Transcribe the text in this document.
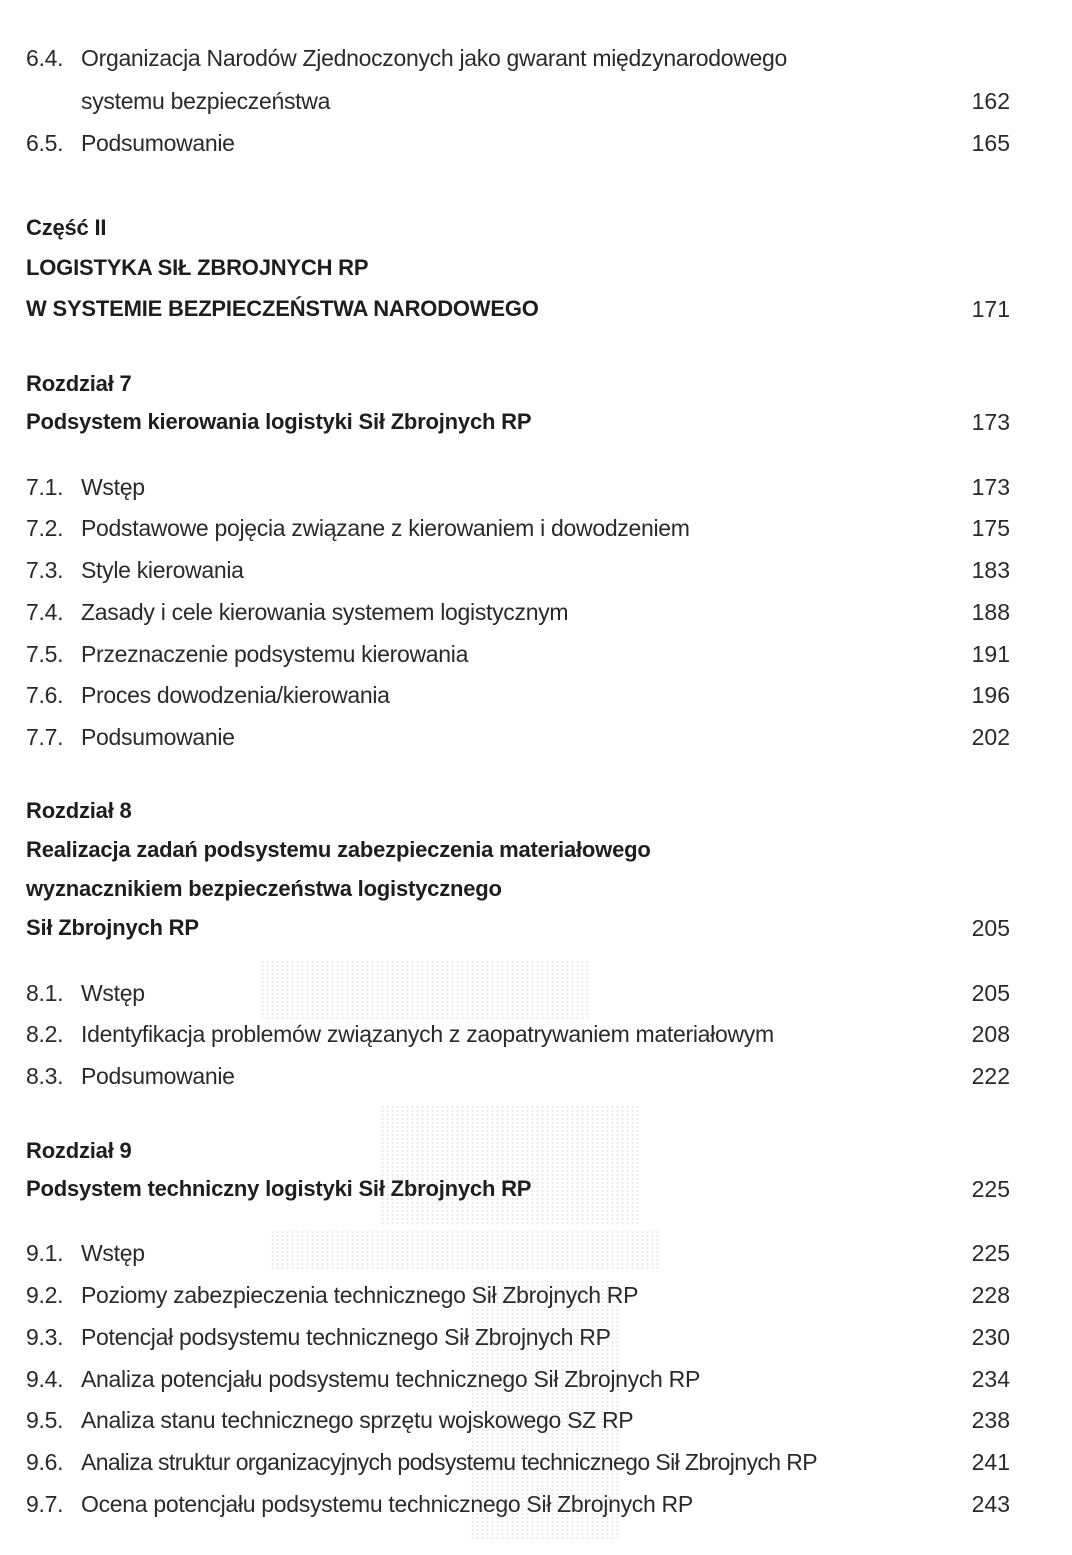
6.4. Organizacja Narodów Zjednoczonych jako gwarant międzynarodowego
systemu bezpieczeństwa	162
6.5. Podsumowanie	165
Część II
LOGISTYKA SIŁ ZBROJNYCH RP
W SYSTEMIE BEZPIECZEŃSTWA NARODOWEGO	171
Rozdział 7
Podsystem kierowania logistyki Sił Zbrojnych RP	173
7.1. Wstęp	173
7.2. Podstawowe pojęcia związane z kierowaniem i dowodzeniem	175
7.3. Style kierowania	183
7.4. Zasady i cele kierowania systemem logistycznym	188
7.5. Przeznaczenie podsystemu kierowania	191
7.6. Proces dowodzenia/kierowania	196
7.7. Podsumowanie	202
Rozdział 8
Realizacja zadań podsystemu zabezpieczenia materiałowego
wyznacznikiem bezpieczeństwa logistycznego
Sił Zbrojnych RP	205
8.1. Wstęp	205
8.2. Identyfikacja problemów związanych z zaopatrywaniem materiałowym	208
8.3. Podsumowanie	222
Rozdział 9
Podsystem techniczny logistyki Sił Zbrojnych RP	225
9.1. Wstęp	225
9.2. Poziomy zabezpieczenia technicznego Sił Zbrojnych RP	228
9.3. Potencjał podsystemu technicznego Sił Zbrojnych RP	230
9.4. Analiza potencjału podsystemu technicznego Sił Zbrojnych RP	234
9.5. Analiza stanu technicznego sprzętu wojskowego SZ RP	238
9.6. Analiza struktur organizacyjnych podsystemu technicznego Sił Zbrojnych RP	241
9.7. Ocena potencjału podsystemu technicznego Sił Zbrojnych RP	243
